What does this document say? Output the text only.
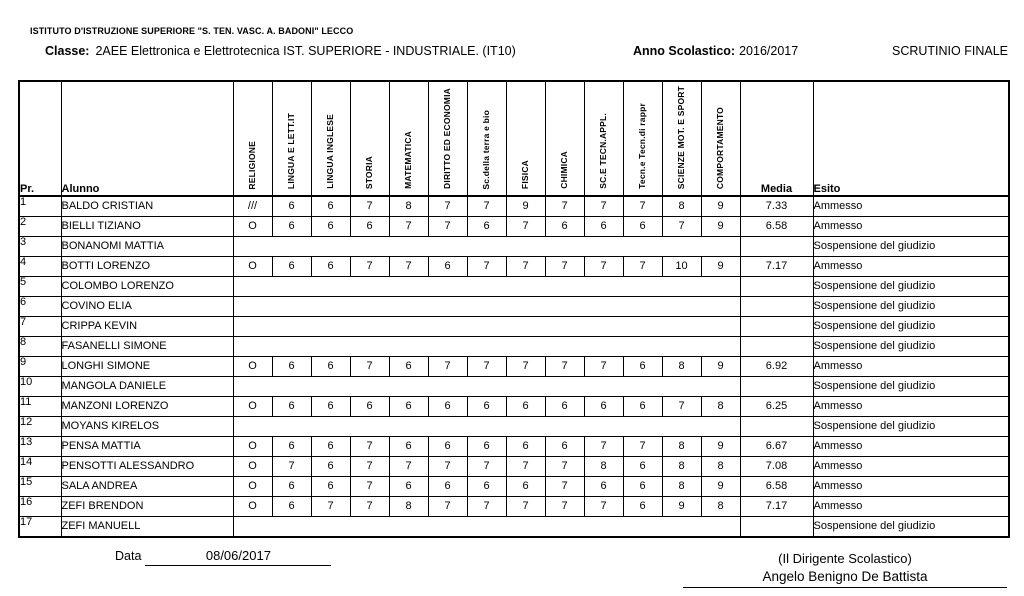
ISTITUTO D'ISTRUZIONE SUPERIORE "S. TEN. VASC. A. BADONI" LECCO
Classe: 2AEE Elettronica e Elettrotecnica IST. SUPERIORE - INDUSTRIALE. (IT10)	Anno Scolastico: 2016/2017	SCRUTINIO FINALE
Pr.	Alunno	RELIGIONE	LINGUA E LETT.IT	LINGUA INGLESE	STORIA	MATEMATICA	DIRITTO ED ECONOMIA	Sc.della terra e bio	FISICA	CHIMICA	SC.E TECN.APPL.	Tecn.e Tecn.di rappr	SCIENZE MOT. E SPORT	COMPORTAMENTO	Media	Esito
1	BALDO CRISTIAN	///	6	6	7	8	7	7	9	7	7	7	8	9	7.33	Ammesso
2	BIELLI TIZIANO	O	6	6	6	7	7	6	7	6	6	6	7	9	6.58	Ammesso
3	BONANOMI MATTIA															Sospensione del giudizio
4	BOTTI LORENZO	O	6	6	7	7	6	7	7	7	7	7	10	9	7.17	Ammesso
5	COLOMBO LORENZO															Sospensione del giudizio
6	COVINO ELIA															Sospensione del giudizio
7	CRIPPA KEVIN															Sospensione del giudizio
8	FASANELLI SIMONE															Sospensione del giudizio
9	LONGHI SIMONE	O	6	6	7	6	7	7	7	7	7	6	8	9	6.92	Ammesso
10	MANGOLA DANIELE															Sospensione del giudizio
11	MANZONI LORENZO	O	6	6	6	6	6	6	6	6	6	6	7	8	6.25	Ammesso
12	MOYANS KIRELOS															Sospensione del giudizio
13	PENSA MATTIA	O	6	6	7	6	6	6	6	6	7	7	8	9	6.67	Ammesso
14	PENSOTTI ALESSANDRO	O	7	6	7	7	7	7	7	7	8	6	8	8	7.08	Ammesso
15	SALA ANDREA	O	6	6	7	6	6	6	6	7	6	6	8	9	6.58	Ammesso
16	ZEFI BRENDON	O	6	7	7	8	7	7	7	7	7	6	9	8	7.17	Ammesso
17	ZEFI MANUELL															Sospensione del giudizio
Data	08/06/2017	(Il Dirigente Scolastico)
Angelo Benigno De Battista
